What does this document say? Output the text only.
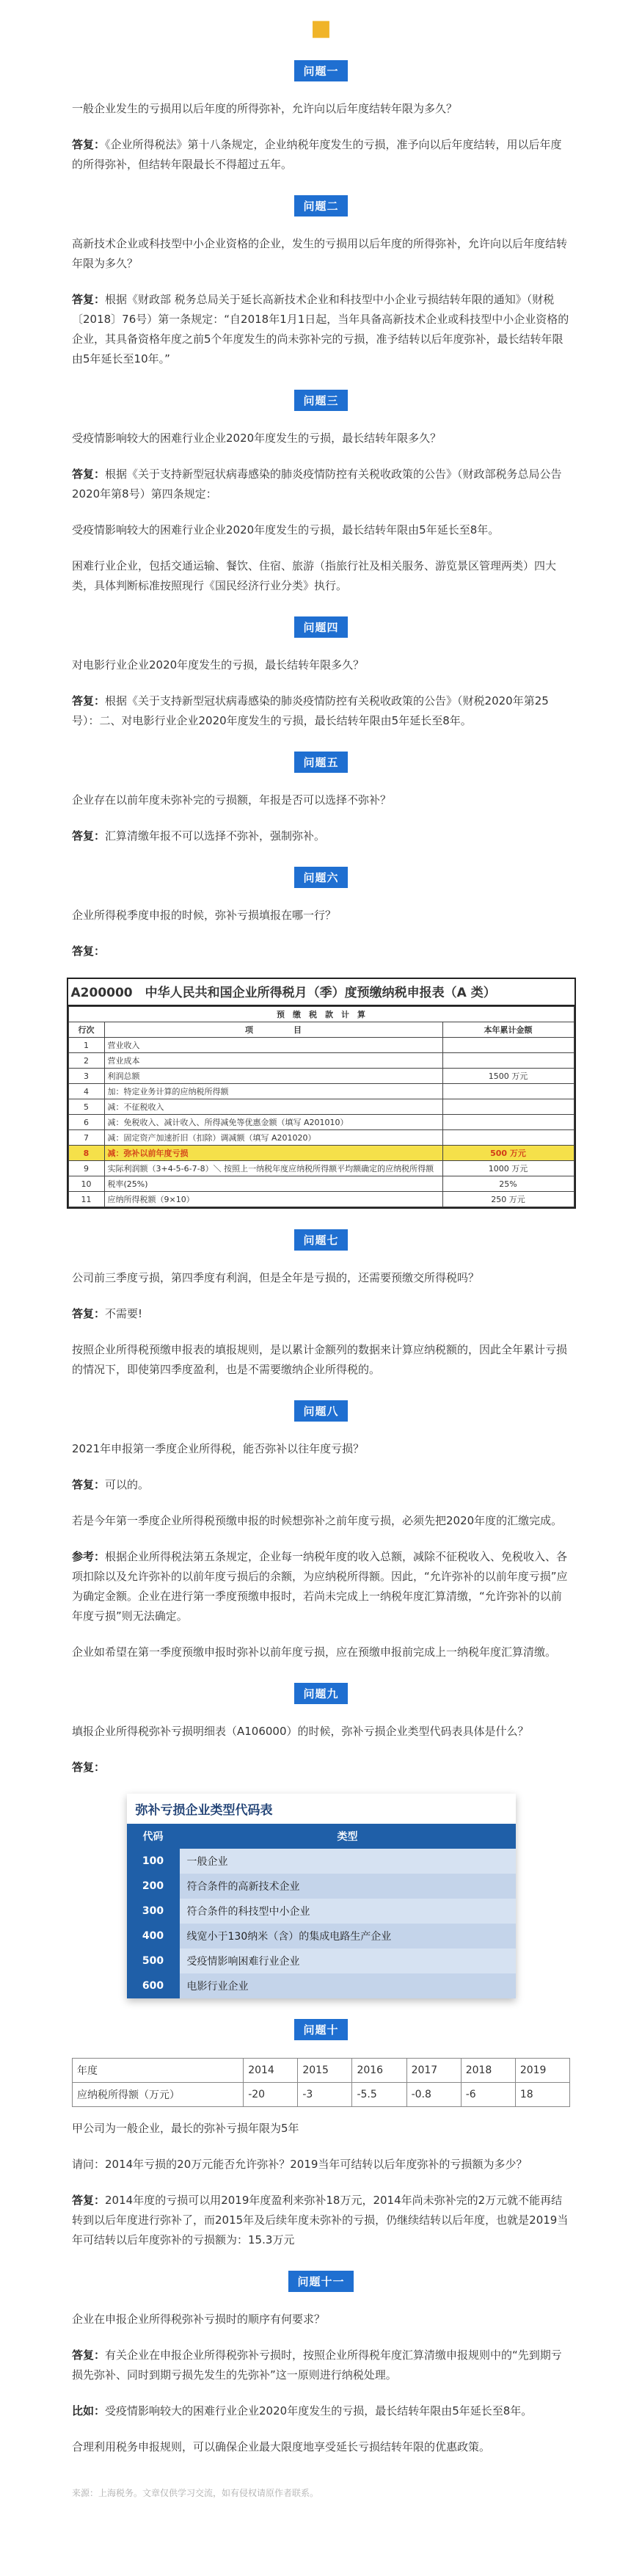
■
问题一
一般企业发生的亏损用以后年度的所得弥补，允许向以后年度结转年限为多久？
答复：《企业所得税法》第十八条规定，企业纳税年度发生的亏损，准予向以后年度结转，用以后年度的所得弥补，但结转年限最长不得超过五年。
问题二
高新技术企业或科技型中小企业资格的企业，发生的亏损用以后年度的所得弥补，允许向以后年度结转年限为多久？
答复：根据《财政部 税务总局关于延长高新技术企业和科技型中小企业亏损结转年限的通知》（财税〔2018〕76号）第一条规定：“自2018年1月1日起，当年具备高新技术企业或科技型中小企业资格的企业，其具备资格年度之前5个年度发生的尚未弥补完的亏损，准予结转以后年度弥补，最长结转年限由5年延长至10年。”
问题三
受疫情影响较大的困难行业企业2020年度发生的亏损，最长结转年限多久？
答复：根据《关于支持新型冠状病毒感染的肺炎疫情防控有关税收政策的公告》（财政部税务总局公告2020年第8号）第四条规定：
受疫情影响较大的困难行业企业2020年度发生的亏损，最长结转年限由5年延长至8年。
困难行业企业，包括交通运输、餐饮、住宿、旅游（指旅行社及相关服务、游览景区管理两类）四大类，具体判断标准按照现行《国民经济行业分类》执行。
问题四
对电影行业企业2020年度发生的亏损，最长结转年限多久？
答复：根据《关于支持新型冠状病毒感染的肺炎疫情防控有关税收政策的公告》（财税2020年第25号）：二、对电影行业企业2020年度发生的亏损，最长结转年限由5年延长至8年。
问题五
企业存在以前年度未弥补完的亏损额，年报是否可以选择不弥补？
答复：汇算清缴年报不可以选择不弥补，强制弥补。
问题六
企业所得税季度申报的时候，弥补亏损填报在哪一行？
答复：
A200000　中华人民共和国企业所得税月（季）度预缴纳税申报表（A 类）
预　缴　税　款　计　算		
行次	项　　　　　目	本年累计金额
1	营业收入	
2	营业成本	
3	利润总额	1500 万元
4	加：特定业务计算的应纳税所得额	
5	减：不征税收入	
6	减：免税收入、减计收入、所得减免等优惠金额（填写 A201010）	
7	减：固定资产加速折旧（扣除）调减额（填写 A201020）	
8	减：弥补以前年度亏损	500 万元
9	实际利润额（3+4-5-6-7-8）＼ 按照上一纳税年度应纳税所得额平均额确定的应纳税所得额	1000 万元
10	税率(25%)	25%
11	应纳所得税额（9×10）	250 万元
问题七
公司前三季度亏损，第四季度有利润，但是全年是亏损的，还需要预缴交所得税吗？
答复：不需要!
按照企业所得税预缴申报表的填报规则，是以累计金额列的数据来计算应纳税额的，因此全年累计亏损的情况下，即使第四季度盈利，也是不需要缴纳企业所得税的。
问题八
2021年申报第一季度企业所得税，能否弥补以往年度亏损？
答复：可以的。
若是今年第一季度企业所得税预缴申报的时候想弥补之前年度亏损，必须先把2020年度的汇缴完成。
参考：根据企业所得税法第五条规定，企业每一纳税年度的收入总额，减除不征税收入、免税收入、各项扣除以及允许弥补的以前年度亏损后的余额，为应纳税所得额。因此，“允许弥补的以前年度亏损”应为确定金额。企业在进行第一季度预缴申报时，若尚未完成上一纳税年度汇算清缴，“允许弥补的以前年度亏损”则无法确定。
企业如希望在第一季度预缴申报时弥补以前年度亏损，应在预缴申报前完成上一纳税年度汇算清缴。
问题九
填报企业所得税弥补亏损明细表（A106000）的时候，弥补亏损企业类型代码表具体是什么？
答复：
弥补亏损企业类型代码表
代码	类型
100	一般企业
200	符合条件的高新技术企业
300	符合条件的科技型中小企业
400	线宽小于130纳米（含）的集成电路生产企业
500	受疫情影响困难行业企业
600	电影行业企业
问题十
年度	2014	2015	2016	2017	2018	2019
应纳税所得额（万元）	-20	-3	-5.5	-0.8	-6	18
甲公司为一般企业，最长的弥补亏损年限为5年
请问：2014年亏损的20万元能否允许弥补？2019当年可结转以后年度弥补的亏损额为多少？
答复：2014年度的亏损可以用2019年度盈利来弥补18万元，2014年尚未弥补完的2万元就不能再结转到以后年度进行弥补了，而2015年及后续年度未弥补的亏损，仍继续结转以后年度，也就是2019当年可结转以后年度弥补的亏损额为：15.3万元
问题十一
企业在申报企业所得税弥补亏损时的顺序有何要求？
答复：有关企业在申报企业所得税弥补亏损时，按照企业所得税年度汇算清缴申报规则中的“先到期亏损先弥补、同时到期亏损先发生的先弥补”这一原则进行纳税处理。
比如：受疫情影响较大的困难行业企业2020年度发生的亏损，最长结转年限由5年延长至8年。
合理利用税务申报规则，可以确保企业最大限度地享受延长亏损结转年限的优惠政策。
来源：上海税务。文章仅供学习交流，如有侵权请原作者联系。
